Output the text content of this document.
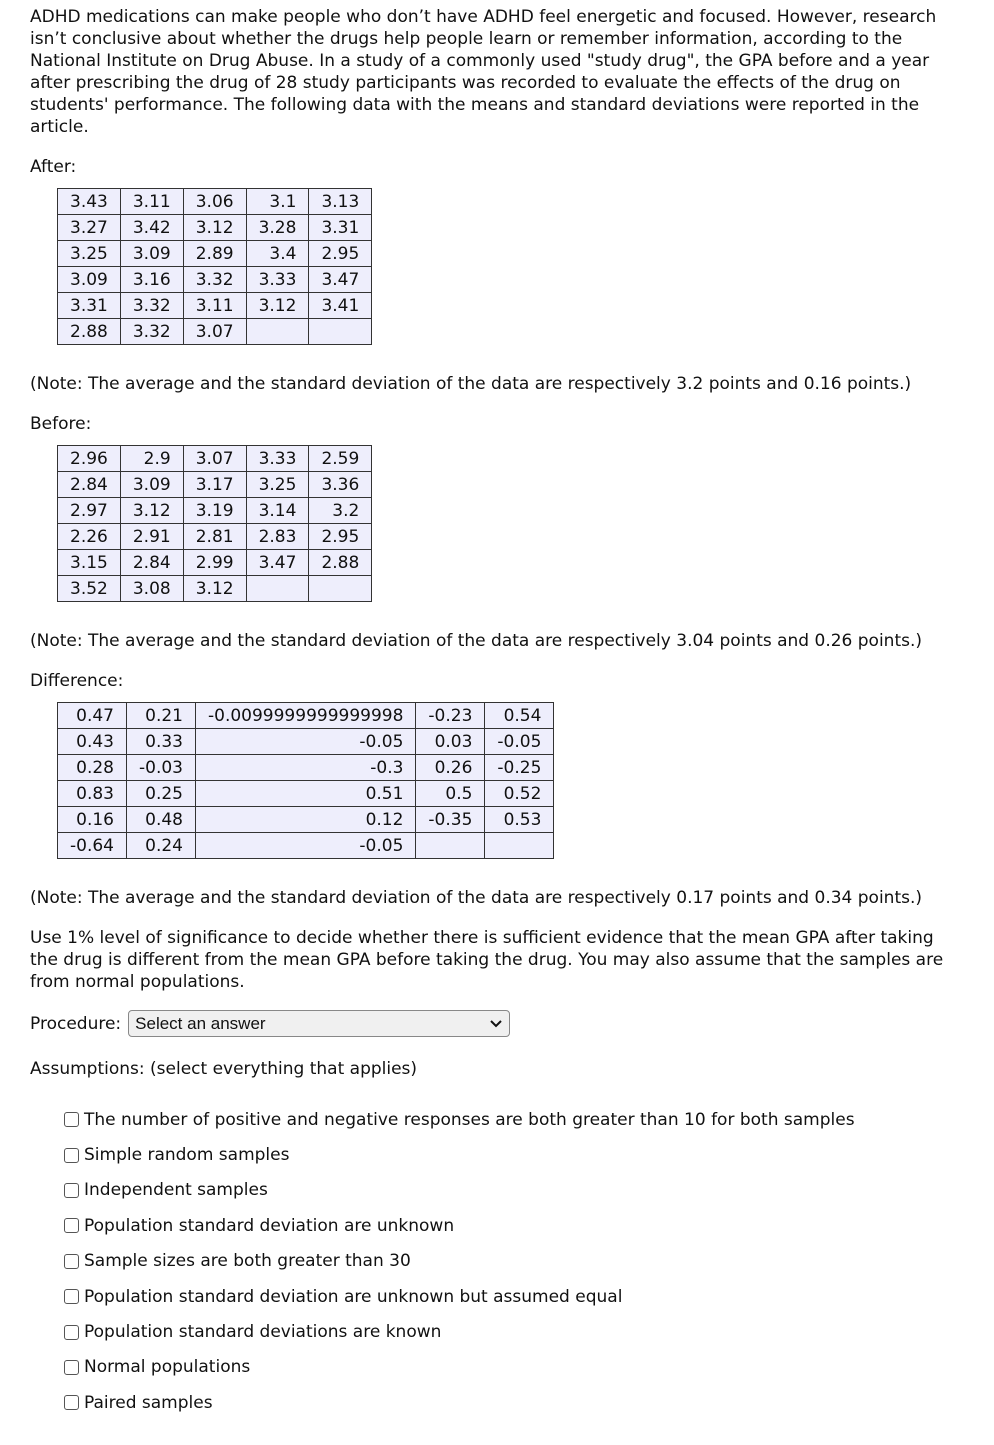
ADHD medications can make people who don’t have ADHD feel energetic and focused. However, research isn’t conclusive about whether the drugs help people learn or remember information, according to the National Institute on Drug Abuse. In a study of a commonly used "study drug", the GPA before and a year after prescribing the drug of 28 study participants was recorded to evaluate the effects of the drug on students' performance. The following data with the means and standard deviations were reported in the article.

After:

3.43	3.11	3.06	3.1	3.13
3.27	3.42	3.12	3.28	3.31
3.25	3.09	2.89	3.4	2.95
3.09	3.16	3.32	3.33	3.47
3.31	3.32	3.11	3.12	3.41
2.88	3.32	3.07		

(Note: The average and the standard deviation of the data are respectively 3.2 points and 0.16 points.)

Before:

2.96	2.9	3.07	3.33	2.59
2.84	3.09	3.17	3.25	3.36
2.97	3.12	3.19	3.14	3.2
2.26	2.91	2.81	2.83	2.95
3.15	2.84	2.99	3.47	2.88
3.52	3.08	3.12		

(Note: The average and the standard deviation of the data are respectively 3.04 points and 0.26 points.)

Difference:

0.47	0.21	-0.0099999999999998	-0.23	0.54
0.43	0.33	-0.05	0.03	-0.05
0.28	-0.03	-0.3	0.26	-0.25
0.83	0.25	0.51	0.5	0.52
0.16	0.48	0.12	-0.35	0.53
-0.64	0.24	-0.05		

(Note: The average and the standard deviation of the data are respectively 0.17 points and 0.34 points.)

Use 1% level of significance to decide whether there is sufficient evidence that the mean GPA after taking the drug is different from the mean GPA before taking the drug. You may also assume that the samples are from normal populations.

Procedure: Select an answer

Assumptions: (select everything that applies)

The number of positive and negative responses are both greater than 10 for both samples
Simple random samples
Independent samples
Population standard deviation are unknown
Sample sizes are both greater than 30
Population standard deviation are unknown but assumed equal
Population standard deviations are known
Normal populations
Paired samples
